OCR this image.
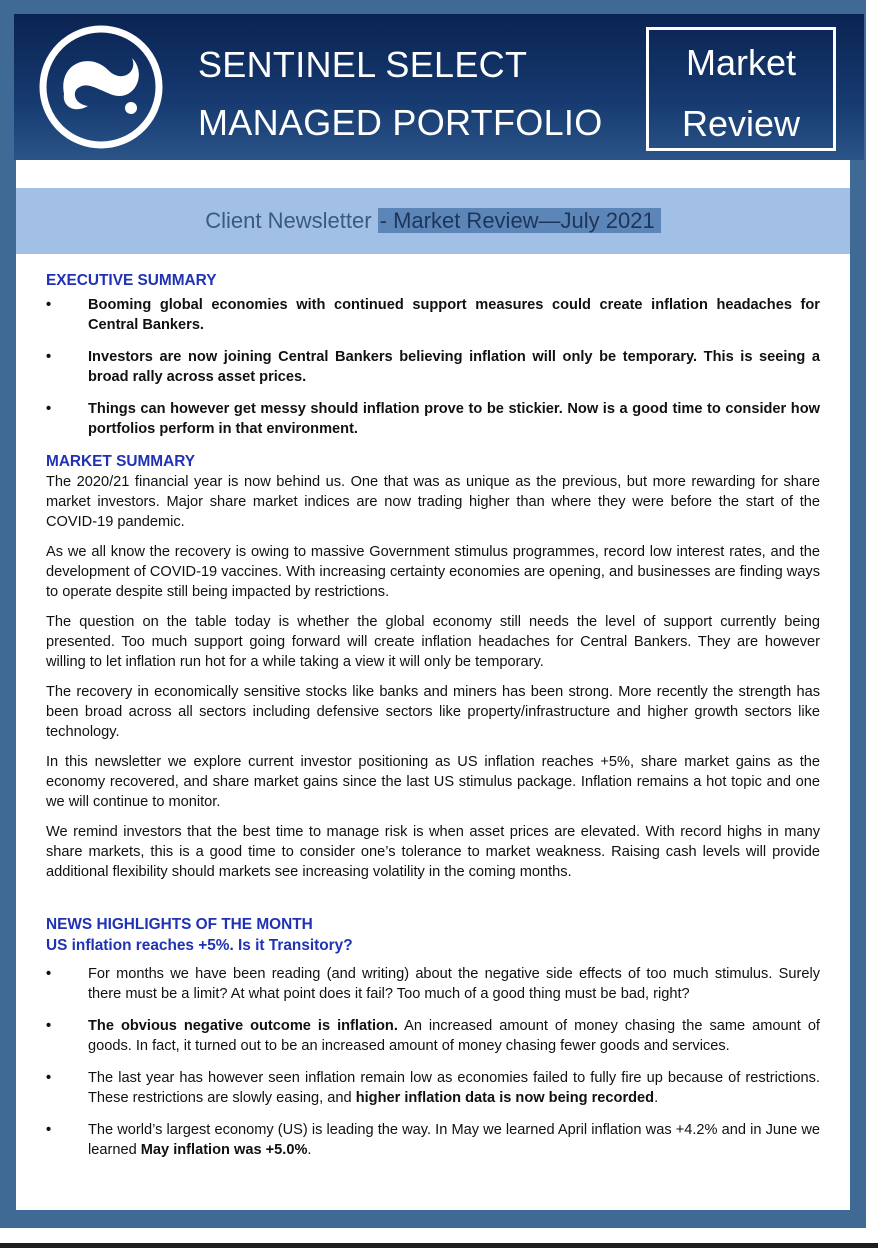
SENTINEL SELECT
MANAGED PORTFOLIO
Market
Review
Client Newsletter - Market Review—July 2021
EXECUTIVE SUMMARY
• Booming global economies with continued support measures could create inflation headaches for Central Bankers.
• Investors are now joining Central Bankers believing inflation will only be temporary. This is seeing a broad rally across asset prices.
• Things can however get messy should inflation prove to be stickier. Now is a good time to consider how portfolios perform in that environment.
MARKET SUMMARY

The 2020/21 financial year is now behind us. One that was as unique as the previous, but more rewarding for share market investors. Major share market indices are now trading higher than where they were before the start of the COVID-19 pandemic.

As we all know the recovery is owing to massive Government stimulus programmes, record low interest rates, and the development of COVID-19 vaccines. With increasing certainty economies are opening, and businesses are finding ways to operate despite still being impacted by restrictions.

The question on the table today is whether the global economy still needs the level of support currently being presented. Too much support going forward will create inflation headaches for Central Bankers. They are however willing to let inflation run hot for a while taking a view it will only be temporary.

The recovery in economically sensitive stocks like banks and miners has been strong. More recently the strength has been broad across all sectors including defensive sectors like property/infrastructure and higher growth sectors like technology.

In this newsletter we explore current investor positioning as US inflation reaches +5%, share market gains as the economy recovered, and share market gains since the last US stimulus package. Inflation remains a hot topic and one we will continue to monitor.

We remind investors that the best time to manage risk is when asset prices are elevated. With record highs in many share markets, this is a good time to consider one’s tolerance to market weakness. Raising cash levels will provide additional flexibility should markets see increasing volatility in the coming months.

NEWS HIGHLIGHTS OF THE MONTH
US inflation reaches +5%. Is it Transitory?
• For months we have been reading (and writing) about the negative side effects of too much stimulus. Surely there must be a limit? At what point does it fail? Too much of a good thing must be bad, right?
• The obvious negative outcome is inflation. An increased amount of money chasing the same amount of goods. In fact, it turned out to be an increased amount of money chasing fewer goods and services.
• The last year has however seen inflation remain low as economies failed to fully fire up because of restrictions. These restrictions are slowly easing, and higher inflation data is now being recorded.
• The world’s largest economy (US) is leading the way. In May we learned April inflation was +4.2% and in June we learned May inflation was +5.0%.
